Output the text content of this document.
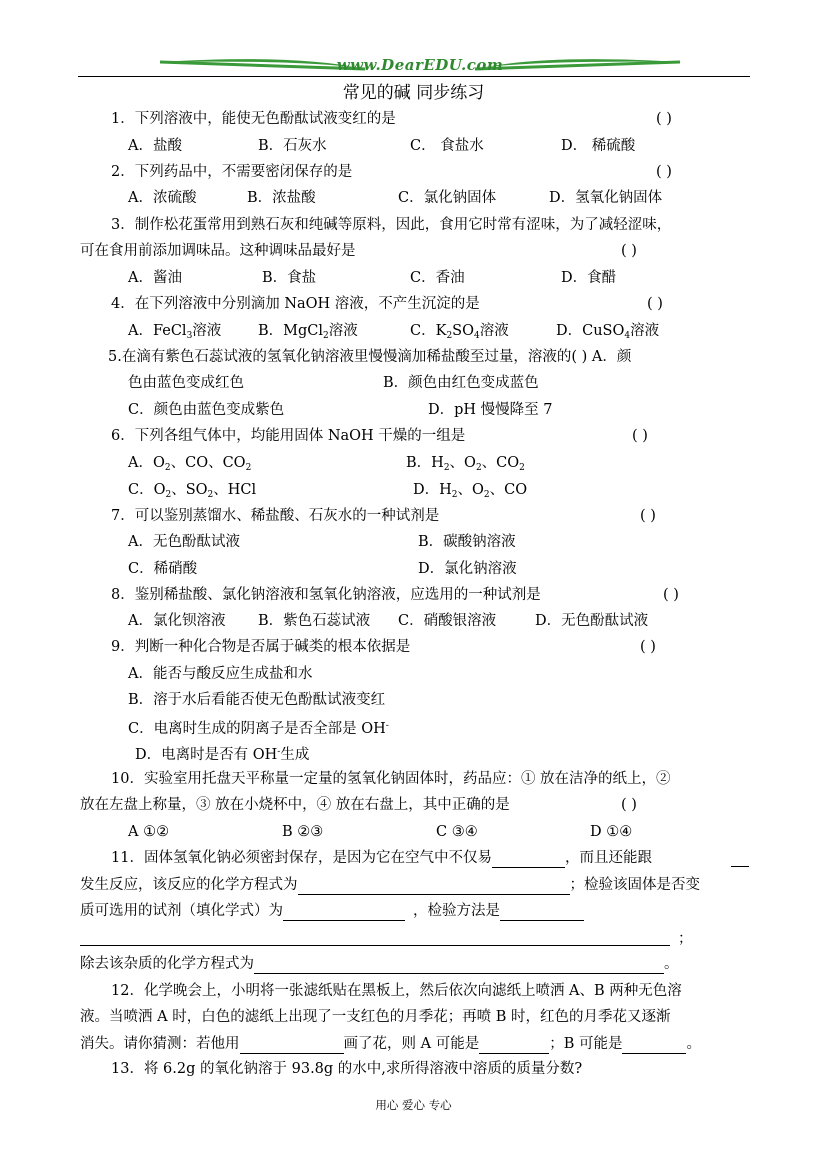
www.DearEDU.com
常见的碱 同步练习
1．下列溶液中，能使无色酚酞试液变红的是	( )
A．盐酸	B．石灰水	C． 食盐水	D． 稀硫酸
2．下列药品中，不需要密闭保存的是	( )
A．浓硫酸	B．浓盐酸	C．氯化钠固体	D．氢氧化钠固体
3．制作松花蛋常用到熟石灰和纯碱等原料，因此，食用它时常有涩味，为了减轻涩味，
可在食用前添加调味品。这种调味品最好是	( )
A．酱油	B．食盐	C．香油	D．食醋
4．在下列溶液中分别滴加 NaOH 溶液，不产生沉淀的是	( )
A．FeCl$_3$溶液	B．MgCl$_2$溶液	C．$K_2SO_4$溶液	D．CuSO$_4$溶液
5.在滴有紫色石蕊试液的氢氧化钠溶液里慢慢滴加稀盐酸至过量，溶液的( ) A．颜
色由蓝色变成红色	B．颜色由红色变成蓝色
C．颜色由蓝色变成紫色	D．pH 慢慢降至 7
6．下列各组气体中，均能用固体 NaOH 干燥的一组是	( )
A．$O_2$、CO、$CO_2$	B．$H_2$、$O_2$、$CO_2$
C．$O_2$、$SO_2$、HCl	D．$H_2$、$O_2$、CO
7．可以鉴别蒸馏水、稀盐酸、石灰水的一种试剂是	( )
A．无色酚酞试液	B．碳酸钠溶液
C．稀硝酸	D．氯化钠溶液
8．鉴别稀盐酸、氯化钠溶液和氢氧化钠溶液，应选用的一种试剂是	( )
A．氯化钡溶液 B．紫色石蕊试液 C．硝酸银溶液	D．无色酚酞试液
9．判断一种化合物是否属于碱类的根本依据是	( )
A．能否与酸反应生成盐和水
B．溶于水后看能否使无色酚酞试液变红
C．电离时生成的阴离子是否全部是 OH-
D．电离时是否有 OH-生成
10．实验室用托盘天平称量一定量的氢氧化钠固体时，药品应：① 放在洁净的纸上，②
放在左盘上称量，③ 放在小烧杯中，④ 放在右盘上，其中正确的是	( )
A ①②	B ②③	C ③④	D ①④
11．固体氢氧化钠必须密封保存，是因为它在空气中不仅易	，而且还能跟
发生反应，该反应的化学方程式为	；检验该固体是否变
质可选用的试剂（填化学式）为	，检验方法是
；
除去该杂质的化学方程式为	。
12．化学晚会上，小明将一张滤纸贴在黑板上，然后依次向滤纸上喷洒 A、B 两种无色溶
液。当喷洒 A 时，白色的滤纸上出现了一支红色的月季花；再喷 B 时，红色的月季花又逐渐
消失。请你猜测：若他用	画了花，则 A 可能是	；B 可能是	。
13．将 6.2g 的氧化钠溶于 93.8g 的水中,求所得溶液中溶质的质量分数?
用心 爱心 专心
